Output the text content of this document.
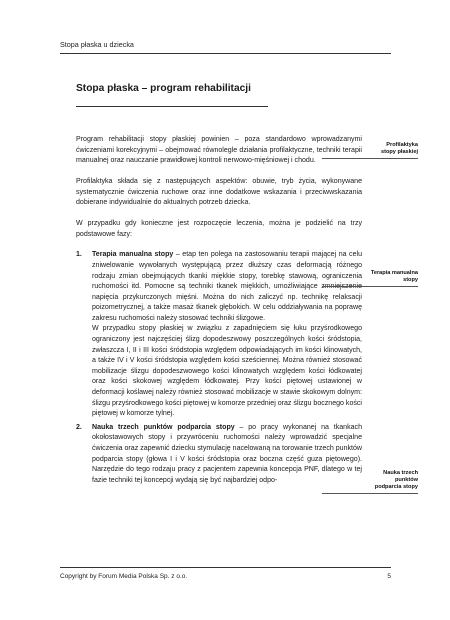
Stopa płaska u dziecka
Stopa płaska – program rehabilitacji

Program rehabilitacji stopy płaskiej powinien – poza standardowo wprowadzanymi ćwiczeniami korekcyjnymi – obejmować równolegle działania profilaktyczne, techniki terapii manualnej oraz nauczanie prawidłowej kontroli nerwowo-mięśniowej i chodu.

Profilaktyka składa się z następujących aspektów: obuwie, tryb życia, wykonywane systematycznie ćwiczenia ruchowe oraz inne dodatkowe wskazania i przeciwwskazania dobierane indywidualnie do aktualnych potrzeb dziecka.

W przypadku gdy konieczne jest rozpoczęcie leczenia, można je podzielić na trzy podstawowe fazy:

1. Terapia manualna stopy – etap ten polega na zastosowaniu terapii mającej na celu zniwelowanie wywołanych występującą przez dłuższy czas deformacją różnego rodzaju zmian obejmujących tkanki miękkie stopy, torebkę stawową, ograniczenia ruchomości itd. Pomocne są techniki tkanek miękkich, umożliwiające zmniejszenie napięcia przykurczonych mięśni. Można do nich zaliczyć np. technikę relaksacji poizometrycznej, a także masaż tkanek głębokich. W celu oddziaływania na poprawę zakresu ruchomości należy stosować techniki ślizgowe.

W przypadku stopy płaskiej w związku z zapadnięciem się łuku przyśrodkowego ograniczony jest najczęściej ślizg dopodeszwowy poszczególnych kości śródstopia, zwłaszcza I, II i III kości śródstopia względem odpowiadających im kości klinowatych, a także IV i V kości śródstopia względem kości sześciennej. Można również stosować mobilizacje ślizgu dopodeszwowego kości klinowatych względem kości łódkowatej oraz kości skokowej względem łódkowatej. Przy kości piętowej ustawionej w deformacji koślawej należy również stosować mobilizacje w stawie skokowym dolnym: ślizgu przyśrodkowego kości piętowej w komorze przedniej oraz ślizgu bocznego kości piętowej w komorze tylnej.

2. Nauka trzech punktów podparcia stopy – po pracy wykonanej na tkankach okołostawowych stopy i przywróceniu ruchomości należy wprowadzić specjalne ćwiczenia oraz zapewnić dziecku stymulację nacelowaną na torowanie trzech punktów podparcia stopy (głowa I i V kości śródstopia oraz boczna część guza piętowego). Narzędzie do tego rodzaju pracy z pacjentem zapewnia koncepcja PNF, dlatego w tej fazie techniki tej koncepcji wydają się być najbardziej odpo-

Profilaktyka
stopy płaskiej
Terapia manualna
stopy
Nauka trzech
punktów
podparcia stopy
Copyright by Forum Media Polska Sp. z o.o.	5
